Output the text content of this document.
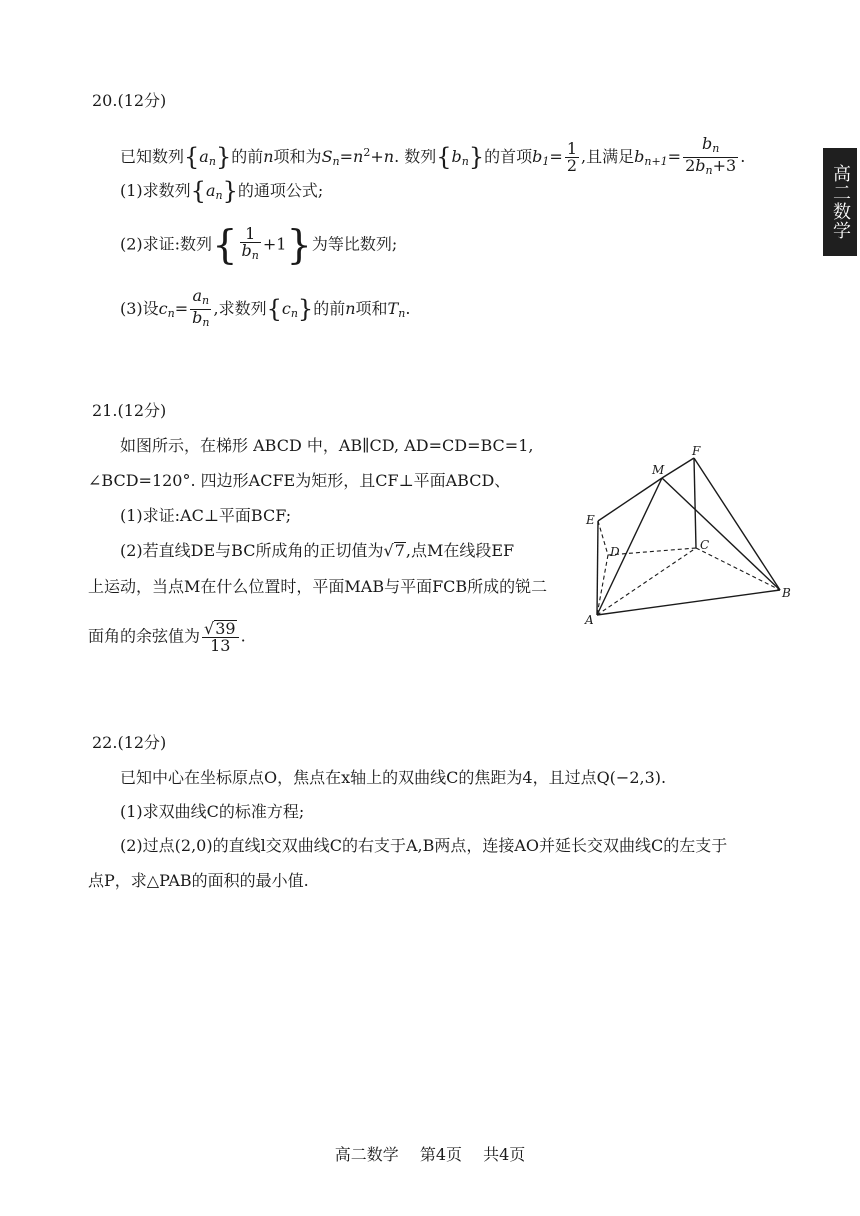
高二数学
20.(12分)
已知数列$\{a_n\}$的前n项和为$S_n=n^2+n$. 数列$\{b_n\}$的首项$b_1= \frac{1}{2}$ ,且满足$b_{n+1}= \frac{b_n}{2b_n+3}$ .
(1)求数列$\{a_n\}$的通项公式;
(2)求证:数列{ $\frac{1}{b_n} +1$}为等比数列;
(3)设$c_n= \frac{a_n}{b_n}$ ,求数列$\{c_n\}$的前n项和$T_n$.
21.(12分)
如图所示，在梯形 ABCD 中，AB∥CD, AD=CD=BC=1,
∠BCD=120°. 四边形ACFE为矩形，且CF⊥平面ABCD、
(1)求证:AC⊥平面BCF;
(2)若直线DE与BC所成角的正切值为√7,点M在线段EF
上运动，当点M在什么位置时，平面MAB与平面FCB所成的锐二
面角的余弦值为 $\frac{√39}{13}$ .
E
F
M
D	C
A
B
22.(12分)
已知中心在坐标原点O，焦点在x轴上的双曲线C的焦距为4，且过点Q(−2,3).
(1)求双曲线C的标准方程;
(2)过点(2,0)的直线l交双曲线C的右支于A,B两点，连接AO并延长交双曲线C的左支于
点P，求△PAB的面积的最小值.
高二数学 第4页 共4页
